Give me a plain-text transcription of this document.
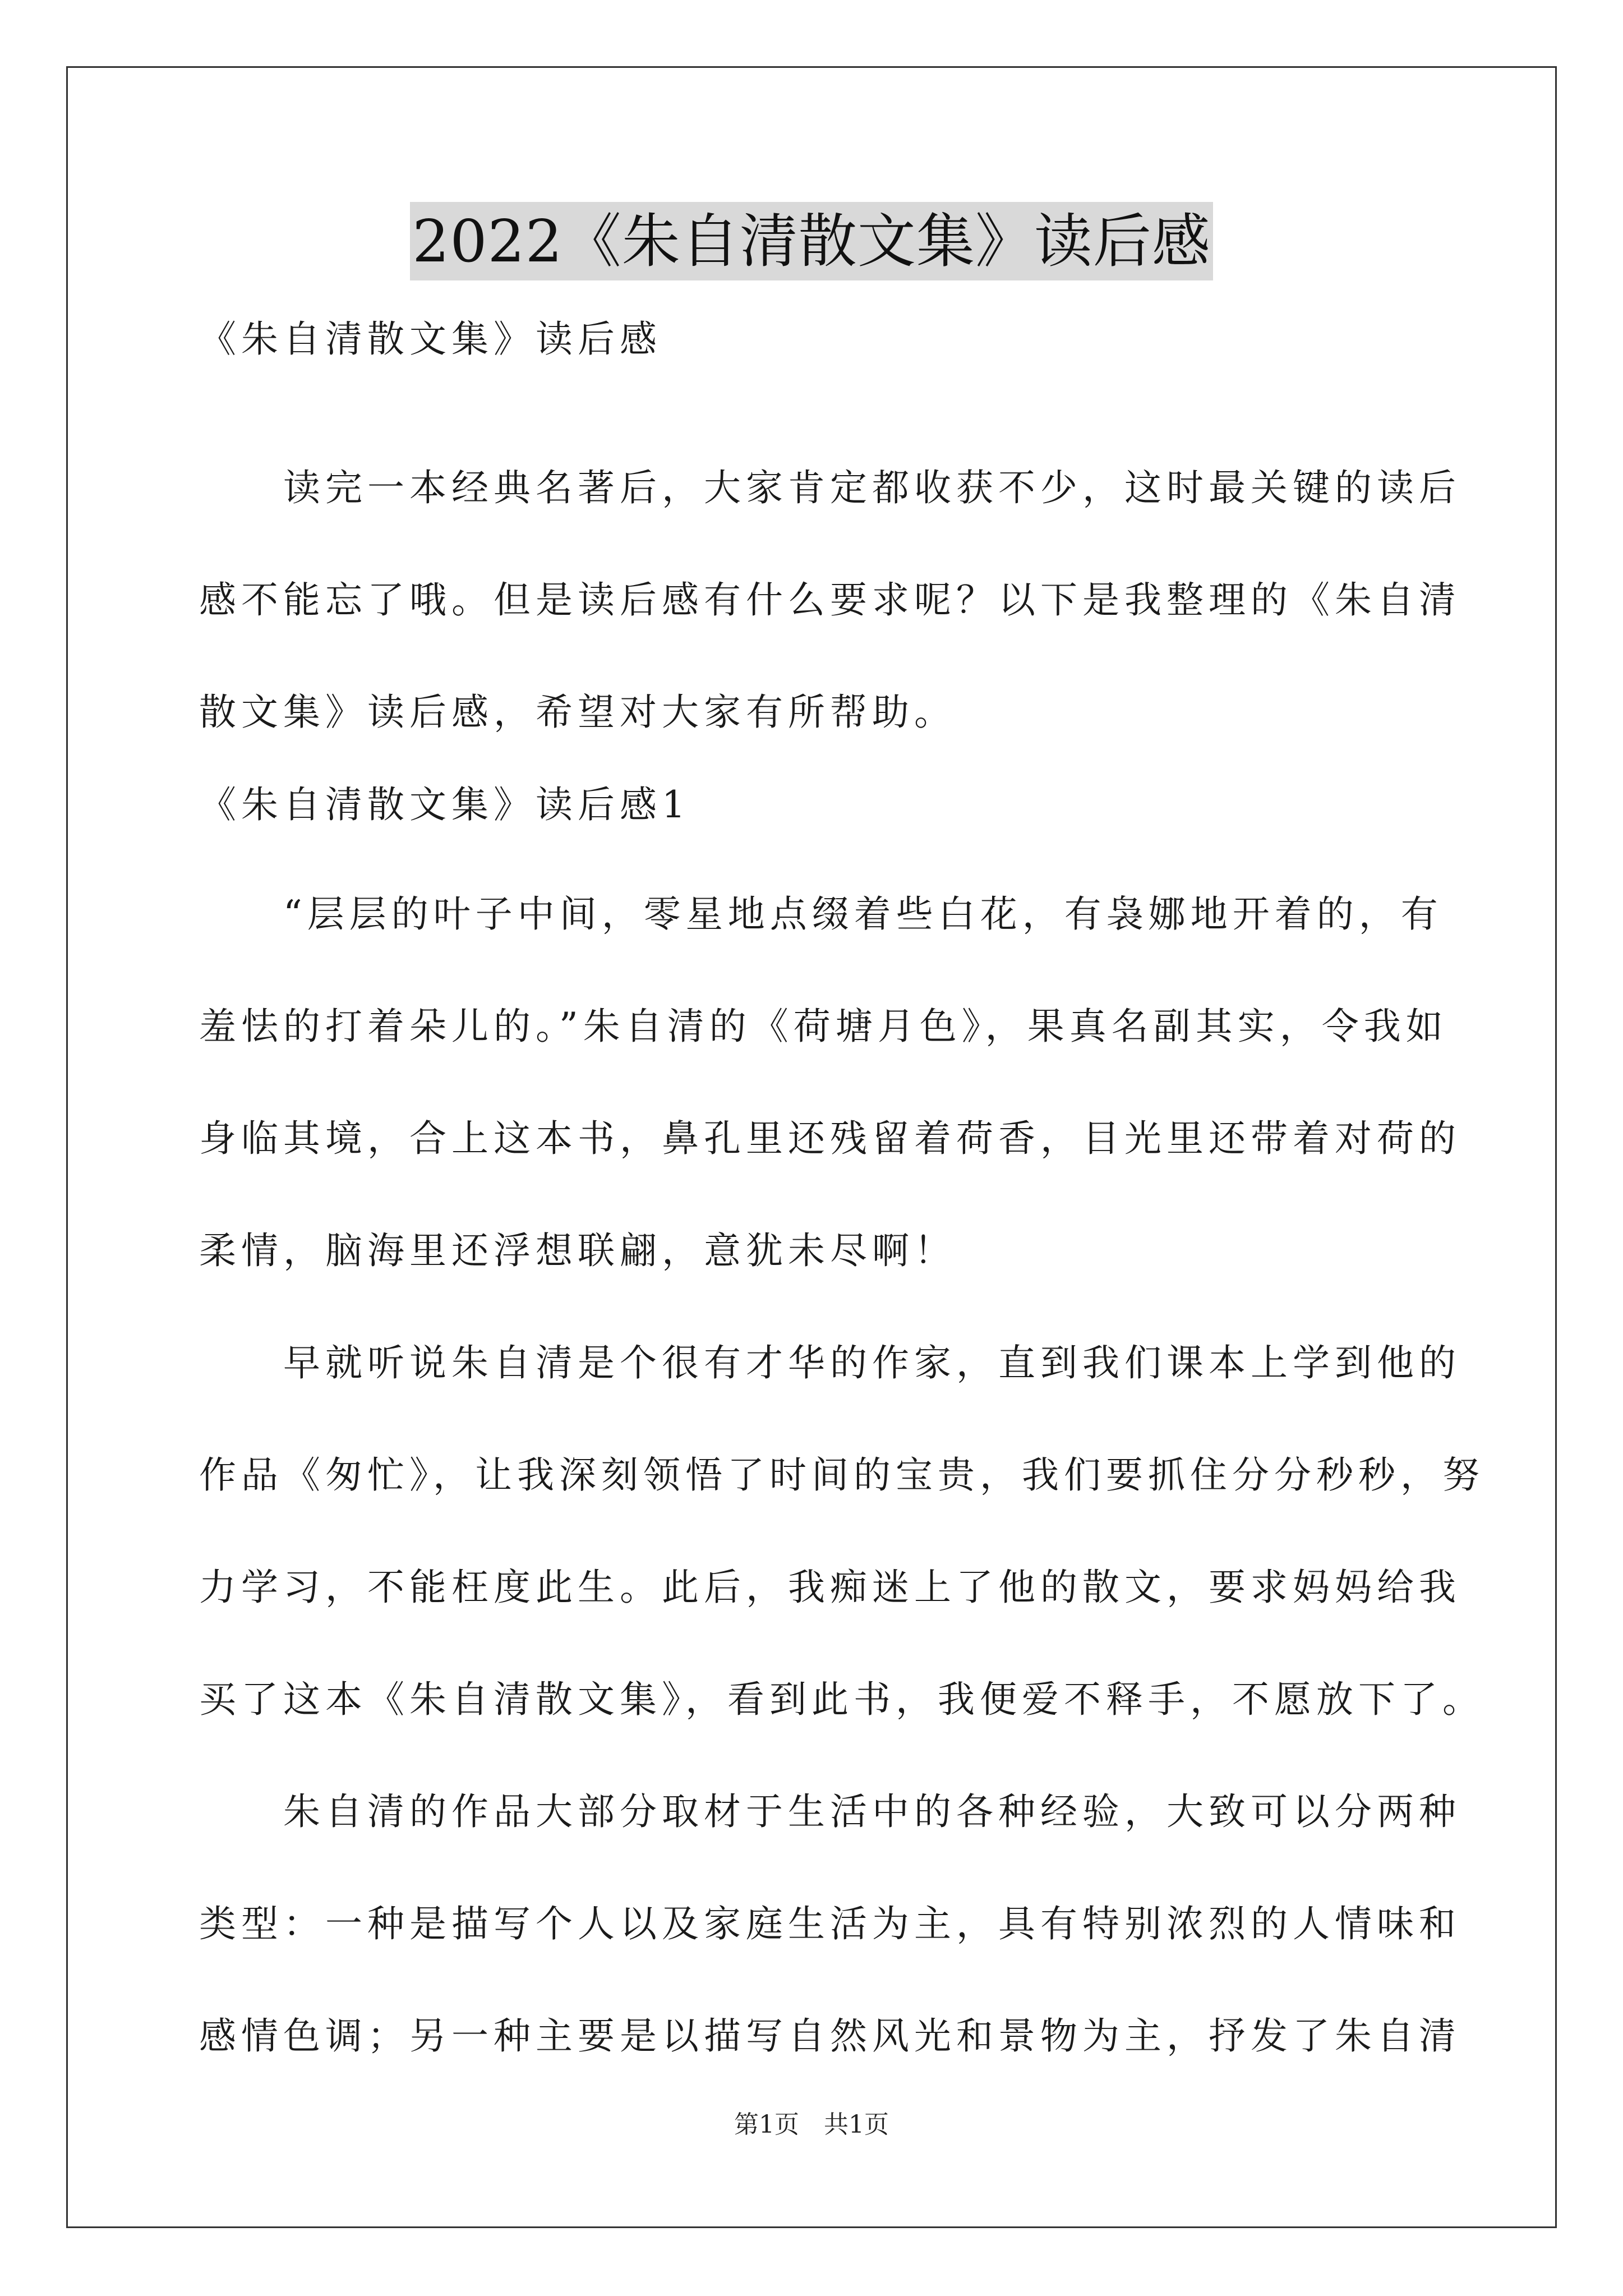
2022《朱自清散文集》读后感
《朱自清散文集》读后感
　　读完一本经典名著后，大家肯定都收获不少，这时最关键的读后
感不能忘了哦。但是读后感有什么要求呢？以下是我整理的《朱自清
散文集》读后感，希望对大家有所帮助。
《朱自清散文集》读后感1
　　“层层的叶子中间，零星地点缀着些白花，有袅娜地开着的，有
羞怯的打着朵儿的。”朱自清的《荷塘月色》，果真名副其实，令我如
身临其境，合上这本书，鼻孔里还残留着荷香，目光里还带着对荷的
柔情，脑海里还浮想联翩，意犹未尽啊！
　　早就听说朱自清是个很有才华的作家，直到我们课本上学到他的
作品《匆忙》，让我深刻领悟了时间的宝贵，我们要抓住分分秒秒，努
力学习，不能枉度此生。此后，我痴迷上了他的散文，要求妈妈给我
买了这本《朱自清散文集》，看到此书，我便爱不释手，不愿放下了。
　　朱自清的作品大部分取材于生活中的各种经验，大致可以分两种
类型：一种是描写个人以及家庭生活为主，具有特别浓烈的人情味和
感情色调；另一种主要是以描写自然风光和景物为主，抒发了朱自清
第1页　共1页
